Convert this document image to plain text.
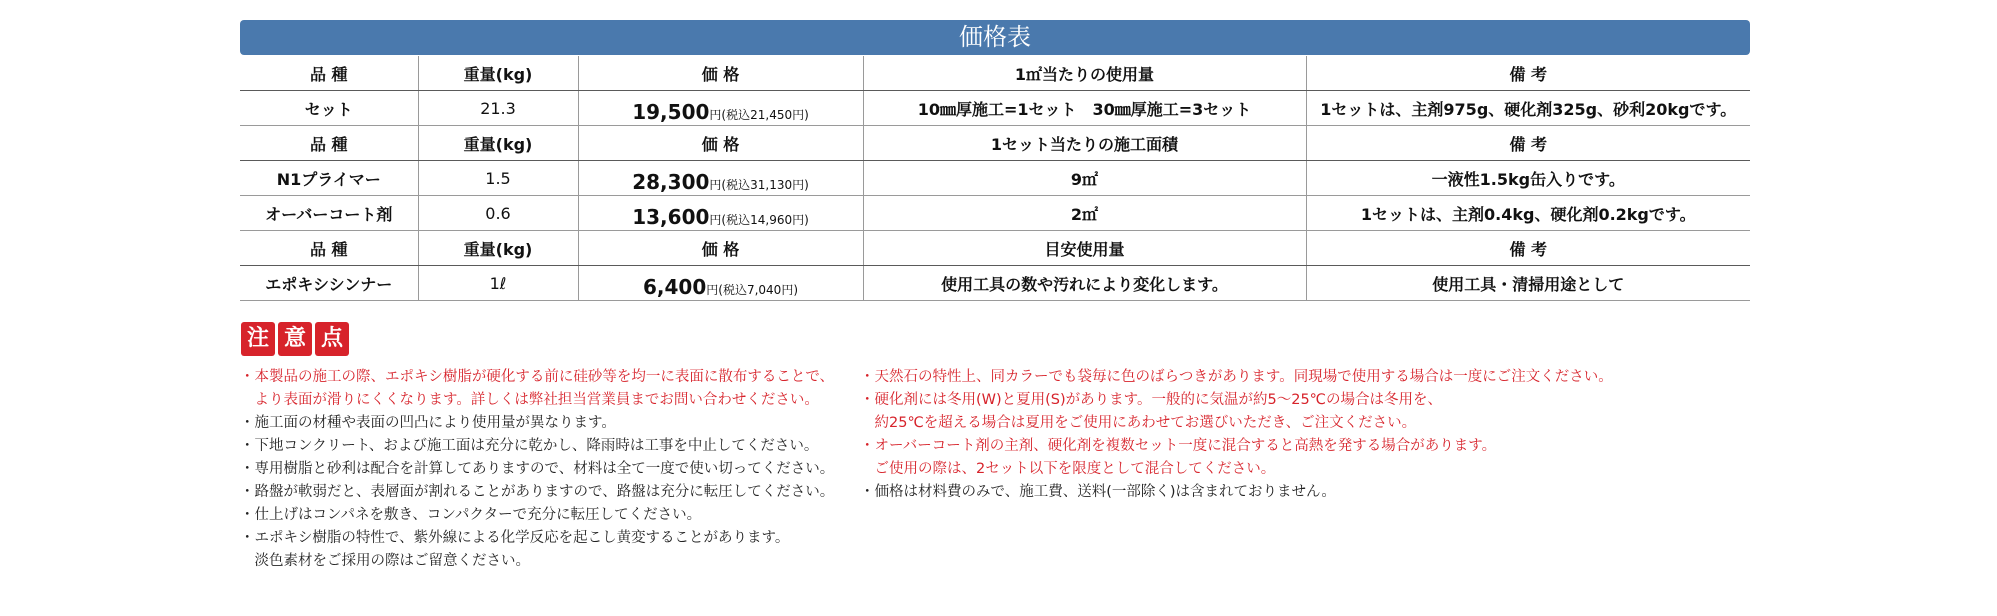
価格表
品 種	重量(kg)	価 格	1㎡当たりの使用量	備 考
セット	21.3	19,500円(税込21,450円)	10㎜厚施工=1セット　30㎜厚施工=3セット	1セットは、主剤975g、硬化剤325g、砂利20kgです。
品 種	重量(kg)	価 格	1セット当たりの施工面積	備 考
N1プライマー	1.5	28,300円(税込31,130円)	9㎡	一液性1.5kg缶入りです。
オーバーコート剤	0.6	13,600円(税込14,960円)	2㎡	1セットは、主剤0.4kg、硬化剤0.2kgです。
品 種	重量(kg)	価 格	目安使用量	備 考
エポキシシンナー	1ℓ	6,400円(税込7,040円)	使用工具の数や汚れにより変化します。	使用工具・清掃用途として
注 意 点
・本製品の施工の際、エポキシ樹脂が硬化する前に硅砂等を均一に表面に散布することで、
　より表面が滑りにくくなります。詳しくは弊社担当営業員までお問い合わせください。
・施工面の材種や表面の凹凸により使用量が異なります。
・下地コンクリート、および施工面は充分に乾かし、降雨時は工事を中止してください。
・専用樹脂と砂利は配合を計算してありますので、材料は全て一度で使い切ってください。
・路盤が軟弱だと、表層面が割れることがありますので、路盤は充分に転圧してください。
・仕上げはコンパネを敷き、コンパクターで充分に転圧してください。
・エポキシ樹脂の特性で、紫外線による化学反応を起こし黄変することがあります。
　淡色素材をご採用の際はご留意ください。
・天然石の特性上、同カラーでも袋毎に色のばらつきがあります。同現場で使用する場合は一度にご注文ください。
・硬化剤には冬用(W)と夏用(S)があります。一般的に気温が約5〜25℃の場合は冬用を、
　約25℃を超える場合は夏用をご使用にあわせてお選びいただき、ご注文ください。
・オーバーコート剤の主剤、硬化剤を複数セット一度に混合すると高熱を発する場合があります。
　ご使用の際は、2セット以下を限度として混合してください。
・価格は材料費のみで、施工費、送料(一部除く)は含まれておりません。
